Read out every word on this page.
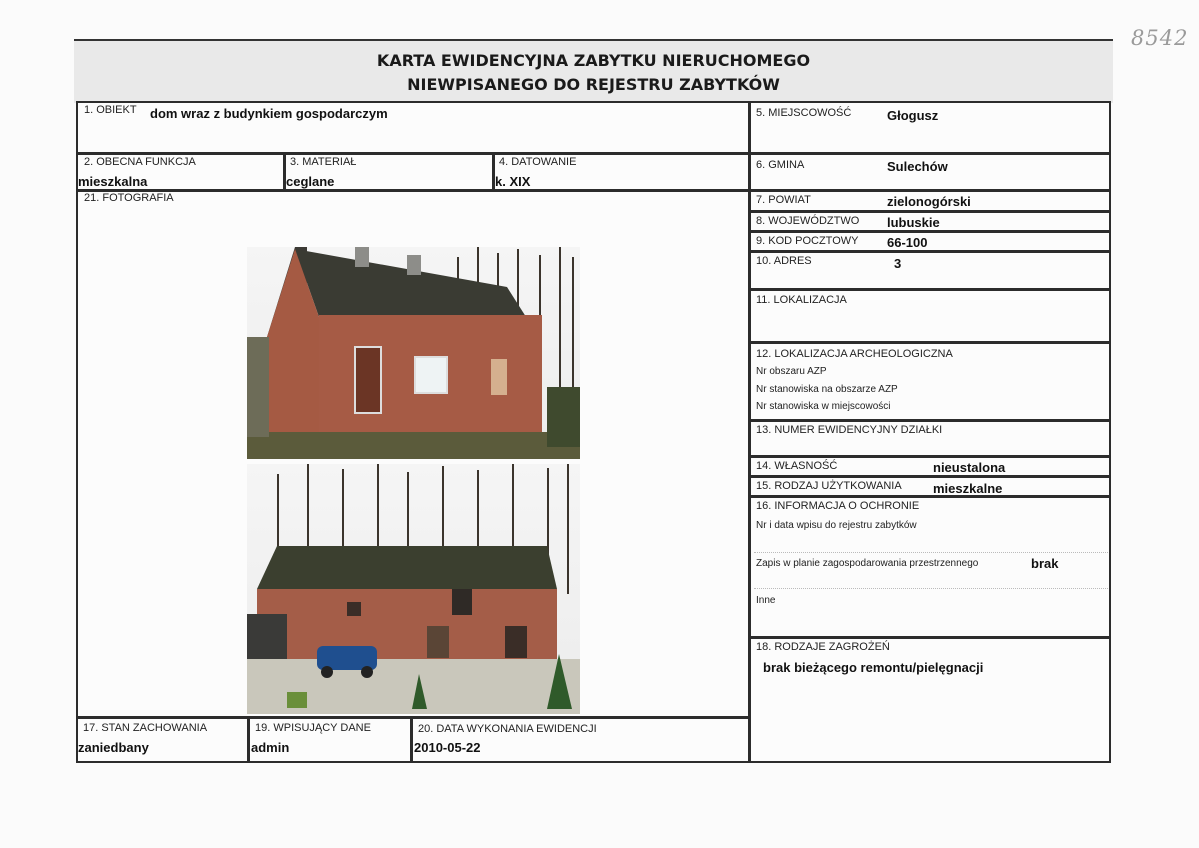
8542
KARTA EWIDENCYJNA ZABYTKU NIERUCHOMEGO
NIEWPISANEGO DO REJESTRU ZABYTKÓW
1. OBIEKT dom wraz z budynkiem gospodarczym	5. MIEJSCOWOŚĆ	Głogusz
2. OBECNA FUNKCJA
mieszkalna
3. MATERIAŁ
ceglane
4. DATOWANIE
k. XIX
6. GMINA	Sulechów
21. FOTOGRAFIA	7. POWIAT	zielonogórski
8. WOJEWÓDZTWO lubuskie
9. KOD POCZTOWY 66-100
10. ADRES	3
11. LOKALIZACJA
12. LOKALIZACJA ARCHEOLOGICZNA
Nr obszaru AZP
Nr stanowiska na obszarze AZP
Nr stanowiska w miejscowości
13. NUMER EWIDENCYJNY DZIAŁKI
14. WŁASNOŚĆ	nieustalona
15. RODZAJ UŻYTKOWANIA mieszkalne
16. INFORMACJA O OCHRONIE
Nr i data wpisu do rejestru zabytków
Zapis w planie zagospodarowania przestrzennego	brak
Inne
18. RODZAJE ZAGROŻEŃ
brak bieżącego remontu/pielęgnacji
17. STAN ZACHOWANIA
zaniedbany
19. WPISUJĄCY DANE
admin
20. DATA WYKONANIA EWIDENCJI
2010-05-22
